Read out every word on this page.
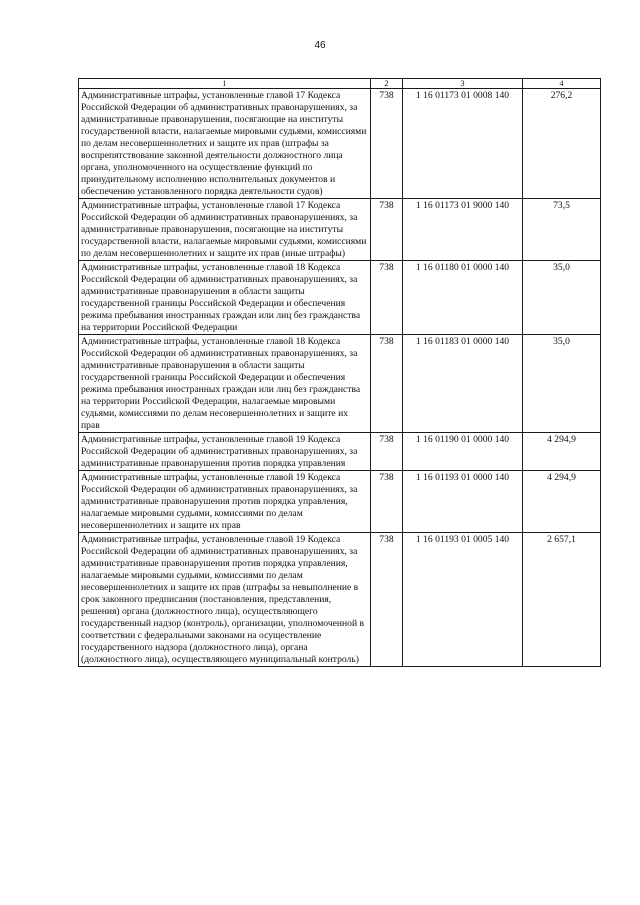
46
1	2	3	4
Административные штрафы, установленные главой 17 Кодекса Российской Федерации об административных правонарушениях, за административные правонарушения, посягающие на институты государственной власти, налагаемые мировыми судьями, комиссиями по делам несовершеннолетних и защите их прав (штрафы за воспрепятствование законной деятельности должностного лица органа, уполномоченного на осуществление функций по принудительному исполнению исполнительных документов и обеспечению установленного порядка деятельности судов)	738	1 16 01173 01 0008 140	276,2
Административные штрафы, установленные главой 17 Кодекса Российской Федерации об административных правонарушениях, за административные правонарушения, посягающие на институты государственной власти, налагаемые мировыми судьями, комиссиями по делам несовершеннолетних и защите их прав (иные штрафы)	738	1 16 01173 01 9000 140	73,5
Административные штрафы, установленные главой 18 Кодекса Российской Федерации об административных правонарушениях, за административные правонарушения в области защиты государственной границы Российской Федерации и обеспечения режима пребывания иностранных граждан или лиц без гражданства на территории Российской Федерации	738	1 16 01180 01 0000 140	35,0
Административные штрафы, установленные главой 18 Кодекса Российской Федерации об административных правонарушениях, за административные правонарушения в области защиты государственной границы Российской Федерации и обеспечения режима пребывания иностранных граждан или лиц без гражданства на территории Российской Федерации, налагаемые мировыми судьями, комиссиями по делам несовершеннолетних и защите их прав	738	1 16 01183 01 0000 140	35,0
Административные штрафы, установленные главой 19 Кодекса Российской Федерации об административных правонарушениях, за административные правонарушения против порядка управления	738	1 16 01190 01 0000 140	4 294,9
Административные штрафы, установленные главой 19 Кодекса Российской Федерации об административных правонарушениях, за административные правонарушения против порядка управления, налагаемые мировыми судьями, комиссиями по делам несовершеннолетних и защите их прав	738	1 16 01193 01 0000 140	4 294,9
Административные штрафы, установленные главой 19 Кодекса Российской Федерации об административных правонарушениях, за административные правонарушения против порядка управления, налагаемые мировыми судьями, комиссиями по делам несовершеннолетних и защите их прав (штрафы за невыполнение в срок законного предписания (постановления, представления, решения) органа (должностного лица), осуществляющего государственный надзор (контроль), организации, уполномоченной в соответствии с федеральными законами на осуществление государственного надзора (должностного лица), органа (должностного лица), осуществляющего муниципальный контроль)	738	1 16 01193 01 0005 140	2 657,1
